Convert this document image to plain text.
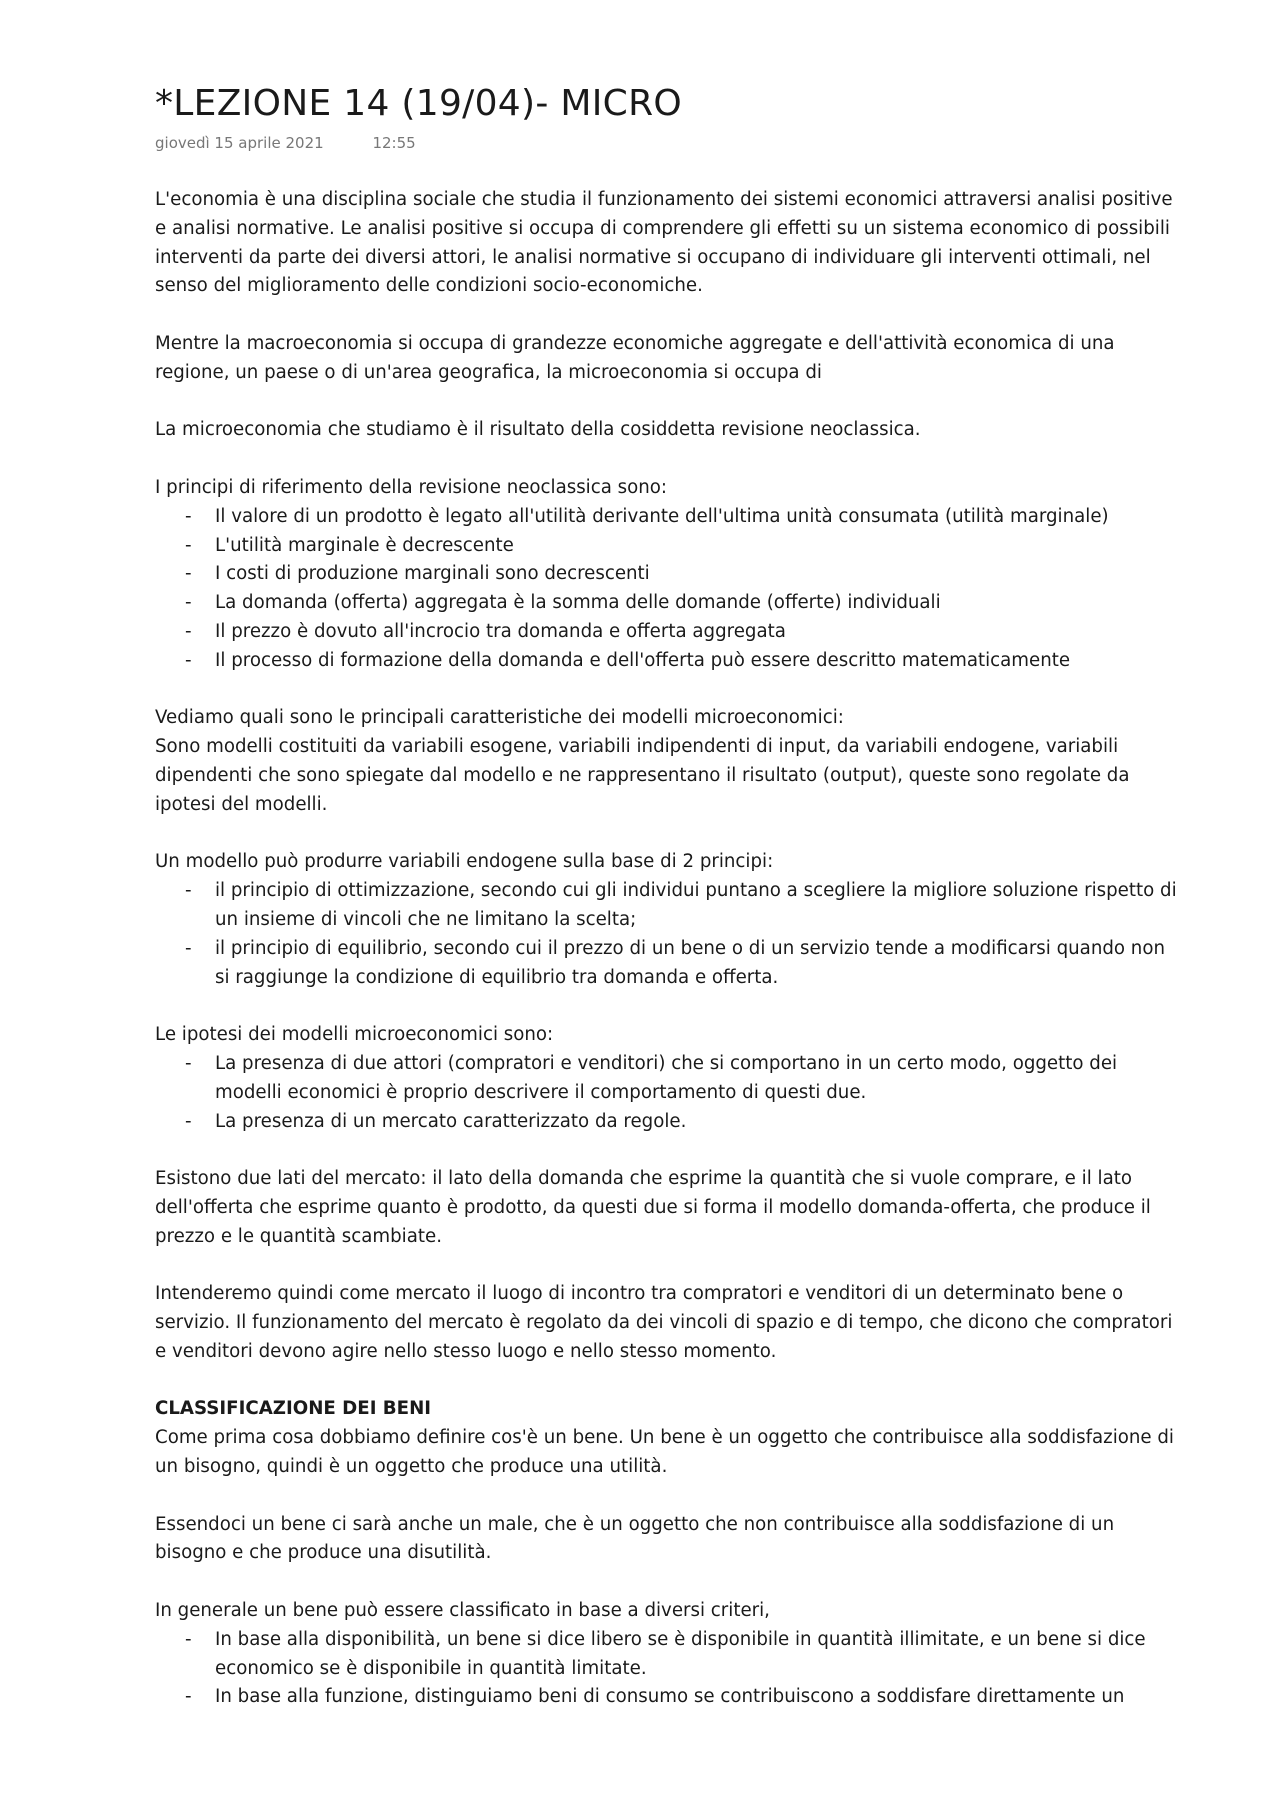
*LEZIONE 14 (19/04)- MICRO
giovedì 15 aprile 2021	12:55

L'economia è una disciplina sociale che studia il funzionamento dei sistemi economici attraversi analisi positive e analisi normative. Le analisi positive si occupa di comprendere gli effetti su un sistema economico di possibili interventi da parte dei diversi attori, le analisi normative si occupano di individuare gli interventi ottimali, nel senso del miglioramento delle condizioni socio-economiche.

Mentre la macroeconomia si occupa di grandezze economiche aggregate e dell'attività economica di una regione, un paese o di un'area geografica, la microeconomia si occupa di

La microeconomia che studiamo è il risultato della cosiddetta revisione neoclassica.

I principi di riferimento della revisione neoclassica sono:

- Il valore di un prodotto è legato all'utilità derivante dell'ultima unità consumata (utilità marginale)
- L'utilità marginale è decrescente
- I costi di produzione marginali sono decrescenti
- La domanda (offerta) aggregata è la somma delle domande (offerte) individuali
- Il prezzo è dovuto all'incrocio tra domanda e offerta aggregata
- Il processo di formazione della domanda e dell'offerta può essere descritto matematicamente

Vediamo quali sono le principali caratteristiche dei modelli microeconomici:

Sono modelli costituiti da variabili esogene, variabili indipendenti di input, da variabili endogene, variabili dipendenti che sono spiegate dal modello e ne rappresentano il risultato (output), queste sono regolate da ipotesi del modelli.

Un modello può produrre variabili endogene sulla base di 2 principi:

- il principio di ottimizzazione, secondo cui gli individui puntano a scegliere la migliore soluzione rispetto di un insieme di vincoli che ne limitano la scelta;
- il principio di equilibrio, secondo cui il prezzo di un bene o di un servizio tende a modificarsi quando non si raggiunge la condizione di equilibrio tra domanda e offerta.

Le ipotesi dei modelli microeconomici sono:

- La presenza di due attori (compratori e venditori) che si comportano in un certo modo, oggetto dei modelli economici è proprio descrivere il comportamento di questi due.
- La presenza di un mercato caratterizzato da regole.

Esistono due lati del mercato: il lato della domanda che esprime la quantità che si vuole comprare, e il lato dell'offerta che esprime quanto è prodotto, da questi due si forma il modello domanda-offerta, che produce il prezzo e le quantità scambiate.

Intenderemo quindi come mercato il luogo di incontro tra compratori e venditori di un determinato bene o servizio. Il funzionamento del mercato è regolato da dei vincoli di spazio e di tempo, che dicono che compratori e venditori devono agire nello stesso luogo e nello stesso momento.

CLASSIFICAZIONE DEI BENI

Come prima cosa dobbiamo definire cos'è un bene. Un bene è un oggetto che contribuisce alla soddisfazione di un bisogno, quindi è un oggetto che produce una utilità.

Essendoci un bene ci sarà anche un male, che è un oggetto che non contribuisce alla soddisfazione di un bisogno e che produce una disutilità.

In generale un bene può essere classificato in base a diversi criteri,

- In base alla disponibilità, un bene si dice libero se è disponibile in quantità illimitate, e un bene si dice economico se è disponibile in quantità limitate.
- In base alla funzione, distinguiamo beni di consumo se contribuiscono a soddisfare direttamente un
